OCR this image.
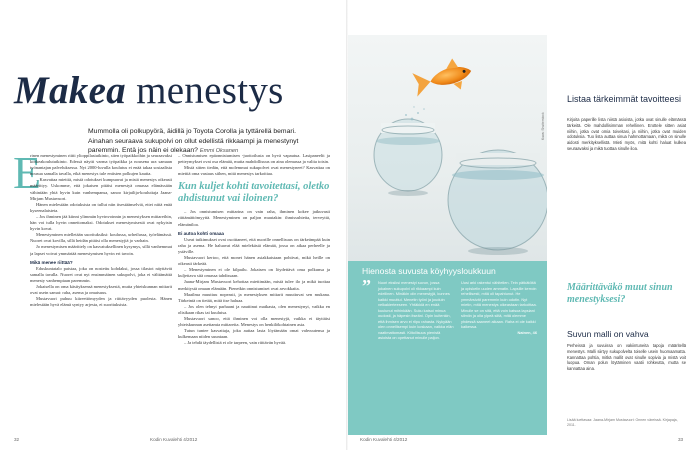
Makea menestys
Mummolla oli polkupyörä, äidillä jo Toyota Corolla ja tyttärellä bemari. Ainahan seuraava sukupolvi on ollut edellistä rikkaampi ja menestynyt paremmin. Entä jos näin ei olekaan? Emmi Oksanen
E

rinen menestyminen riitti ylioppilastutkinto, siten työpaikkoihin ja seuraavaksi korkeakoulututkinto. Edessä näytti varma työpaikka ja nousева ura samaan työnantajan palveluksessa. Nyt 2000-luvulla koulutus ei enää takaa sosiaalista nousua samalla tavalla, eikä menestys tule entisten polkujen kautta.

– Kasvattaa miettiä, mistä odotukset kumpuavat ja mistä menestys oikeasti määrittyy. Uskomme, että jokaisen pitäisi menestyä omassa elämässään vähintään yhtä hyvin kuin vanhempansa, sanoo kirjailija-kouluttaja Jaana-Mirjam Mustavuori.

Hänen mielestään odotuksista on tullut niin itsestäänselviä, ettei niitä enää kyseenalaisteta.

– Jos ihminen jää kiinni ylimmän hyvinvoinnin ja menestyksen mittareihin, hän voi tulla hyvin onnettomaksi. Odotukset menestymisestä ovat nykyisin hyvin kovat.

Menestyminen mielletään suorituksiksi: koulussa, urheilussa, työelämässä. Nuoret ovat kovilla, sillä heidän pitäisi olla menestyjiä jo varhain.

Jo menestymisen määrittely on kasvatuksellinen kysymys, sillä vanhemmat ja lapset voivat ymmärtää menestymisen hyvin eri tavoin.

Mikä menee riittää?

Eduskuntatalo paistaa, joka on nostettu kohdaksi, jossa tilastot näyttävät samalla tavalla. Nuoret ovat nyt ensimmäinen sukupolvi, joka ei välttämättä menesty vanhempiaan paremmin.

Jokaisella on oma käsityksensä menestyksestä, mutta yhteiskunnan mittarit ovat usein samat: raha, asema ja omaisuus.

Mustavuori puhuu kiireettömyyden ja riittävyyden puolesta. Hänen mielestään hyvä elämä syntyy arjesta, ei suorituksista.

– Onnistumisen epäonnistumisen -juottoilusta on hyvä vapautua. Lasipaneelit ja petteymykset ovat osa elämää, mutta mahdollisuus on aina olemassa ja valita toisin.

Mistä sitten tiedän, että molemmat sukupolvet ovat menestyneet? Kasvattaa on miettiä oma vastaus siihen, mitä menestys tarkoittaa.

Kun kuljet kohti tavoitettasi, oletko ahdistunut vai iloinen?

– Jos onnistumisen mittarina on vain raha, ihminen kokee jatkuvasti riittämättömyyttä. Menestyminen on paljon muutakin: ihmissuhteita, terveyttä, elämäniloa.

Ei autoa kohti omaaa

Useat tutkimukset ovat osoittaneet, että nuorille onnellisuus on tärkeämpää kuin raha ja asema. He haluavat elää mielekästä elämää, jossa on aikaa perheelle ja ystäville.

Mustavuori kertoo, että monet hänen asiakkaistaan pohtivat, mikä heille on oikeasti tärkeää.

– Menestyminen ei ole kilpailu. Jokaisen on löydettävä oma polkunsa ja kuljettava sitä omassa tahdissaan.

Jaana-Mirjam Mustavuori kehottaa miettimään, mistä tulee ilo ja mikä tuottaa merkitystä omaan elämään. Pienetkin onnistumiset ovat arvokkaita.

Maailma muuttuu nopeasti, ja menestyksen mittarit muuttuvat sen mukana. Tärkeintä on tietää, mitä itse haluaa.

– Jos olen tehnyt parhaani ja nauttinut matkasta, olen menestynyt, vaikka en olisikaan rikas tai kuuluisa.

Mustavuori sanoo, että ihminen voi olla menestyjä, vaikka ei täyttäisi yhteiskunnan asettamia mittareita. Menestys on henkilökohtainen asia.

Tutun tuntee kasvattaja, joka auttaa lasta löytämään omat vahvuutensa ja kulkemaan niiden suuntaan.

– Ja tehdä täydellistä ei ole tarpeen, vain riittävän hyvää.

32	Kodin Kuvalehti 4/2012
Kuva: Shutterstock
Hienosta suvusta köyhyysloukkuun
” Nuori eksiksi menestyi suvun, jossa jokainen sukupolvi oli rikkaampi kuin edellinen. Minäkin olin menestyjä, kunnes kaikki muuttui. Menetin työni ja jouduin velkakierteeseen. Yhtäkkiä en enää kuulunut mihinkään. Suku katsoi minua oudosti, ja häpesin itseäni. Opin kuitenkin, että ihmisen arvo ei riipu rahasta. Nykyään olen onnellisempi kuin koskaan, vaikka elän vaatimattomasti. Kiitollisuus pienistä asioista on opettanut minulle paljon.

Uusi arki rakentui vähitellen. Tein pätkätöitä ja opiskelin uuden ammatin. Lapsille kerroin rehellisesti, mitä oli tapahtunut. He ymmärsivät paremmin kuin odotin. Nyt mietin, mitä menestys oikeastaan tarkoittaa. Minulle se on sitä, että voin katsoa lapsiani silmiin ja olla ylpeä siitä, mitä olemme yhdessä saaneet aikaan. Raha ei ole kaikki kaikessa.

Nainen, 46

Listaa tärkeimmät tavoitteesi

Kirjoita paperille lista niistä asioista, jotka ovat sinulle elämässä tärkeitä. Ole mahdollisimman rehellinen. Erottele sitten asiat niihin, jotka ovat omia toiveitasi, ja niihin, jotka ovat muiden odotuksia. Tuo lista auttaa sinua hahmottamaan, mikä on sinulle aidosti merkityksellistä. Mieti myös, mitä kohti haluat kulkea seuraavaksi ja mikä tuottaa sinulle iloa.

Määrittäväkö muut sinun menestyksesi?
Suvun malli on vahva

Perheissä ja suvuissa on vakiintuneita tapoja määritellä menestys. Malli siirtyy sukupolvelta toiselle usein huomaamatta. Kannattaa pohtia, mitkä mallit ovat sinulle sopivia ja mistä voit luopua. Oman polun löytäminen vaatii rohkeutta, mutta se kannattaa aina.

Lisää luettavaa: Jaana-Mirjam Mustavuori: Onnen väreissä. Kirjapaja, 2011.
Kodin Kuvalehti 4/2012	33
